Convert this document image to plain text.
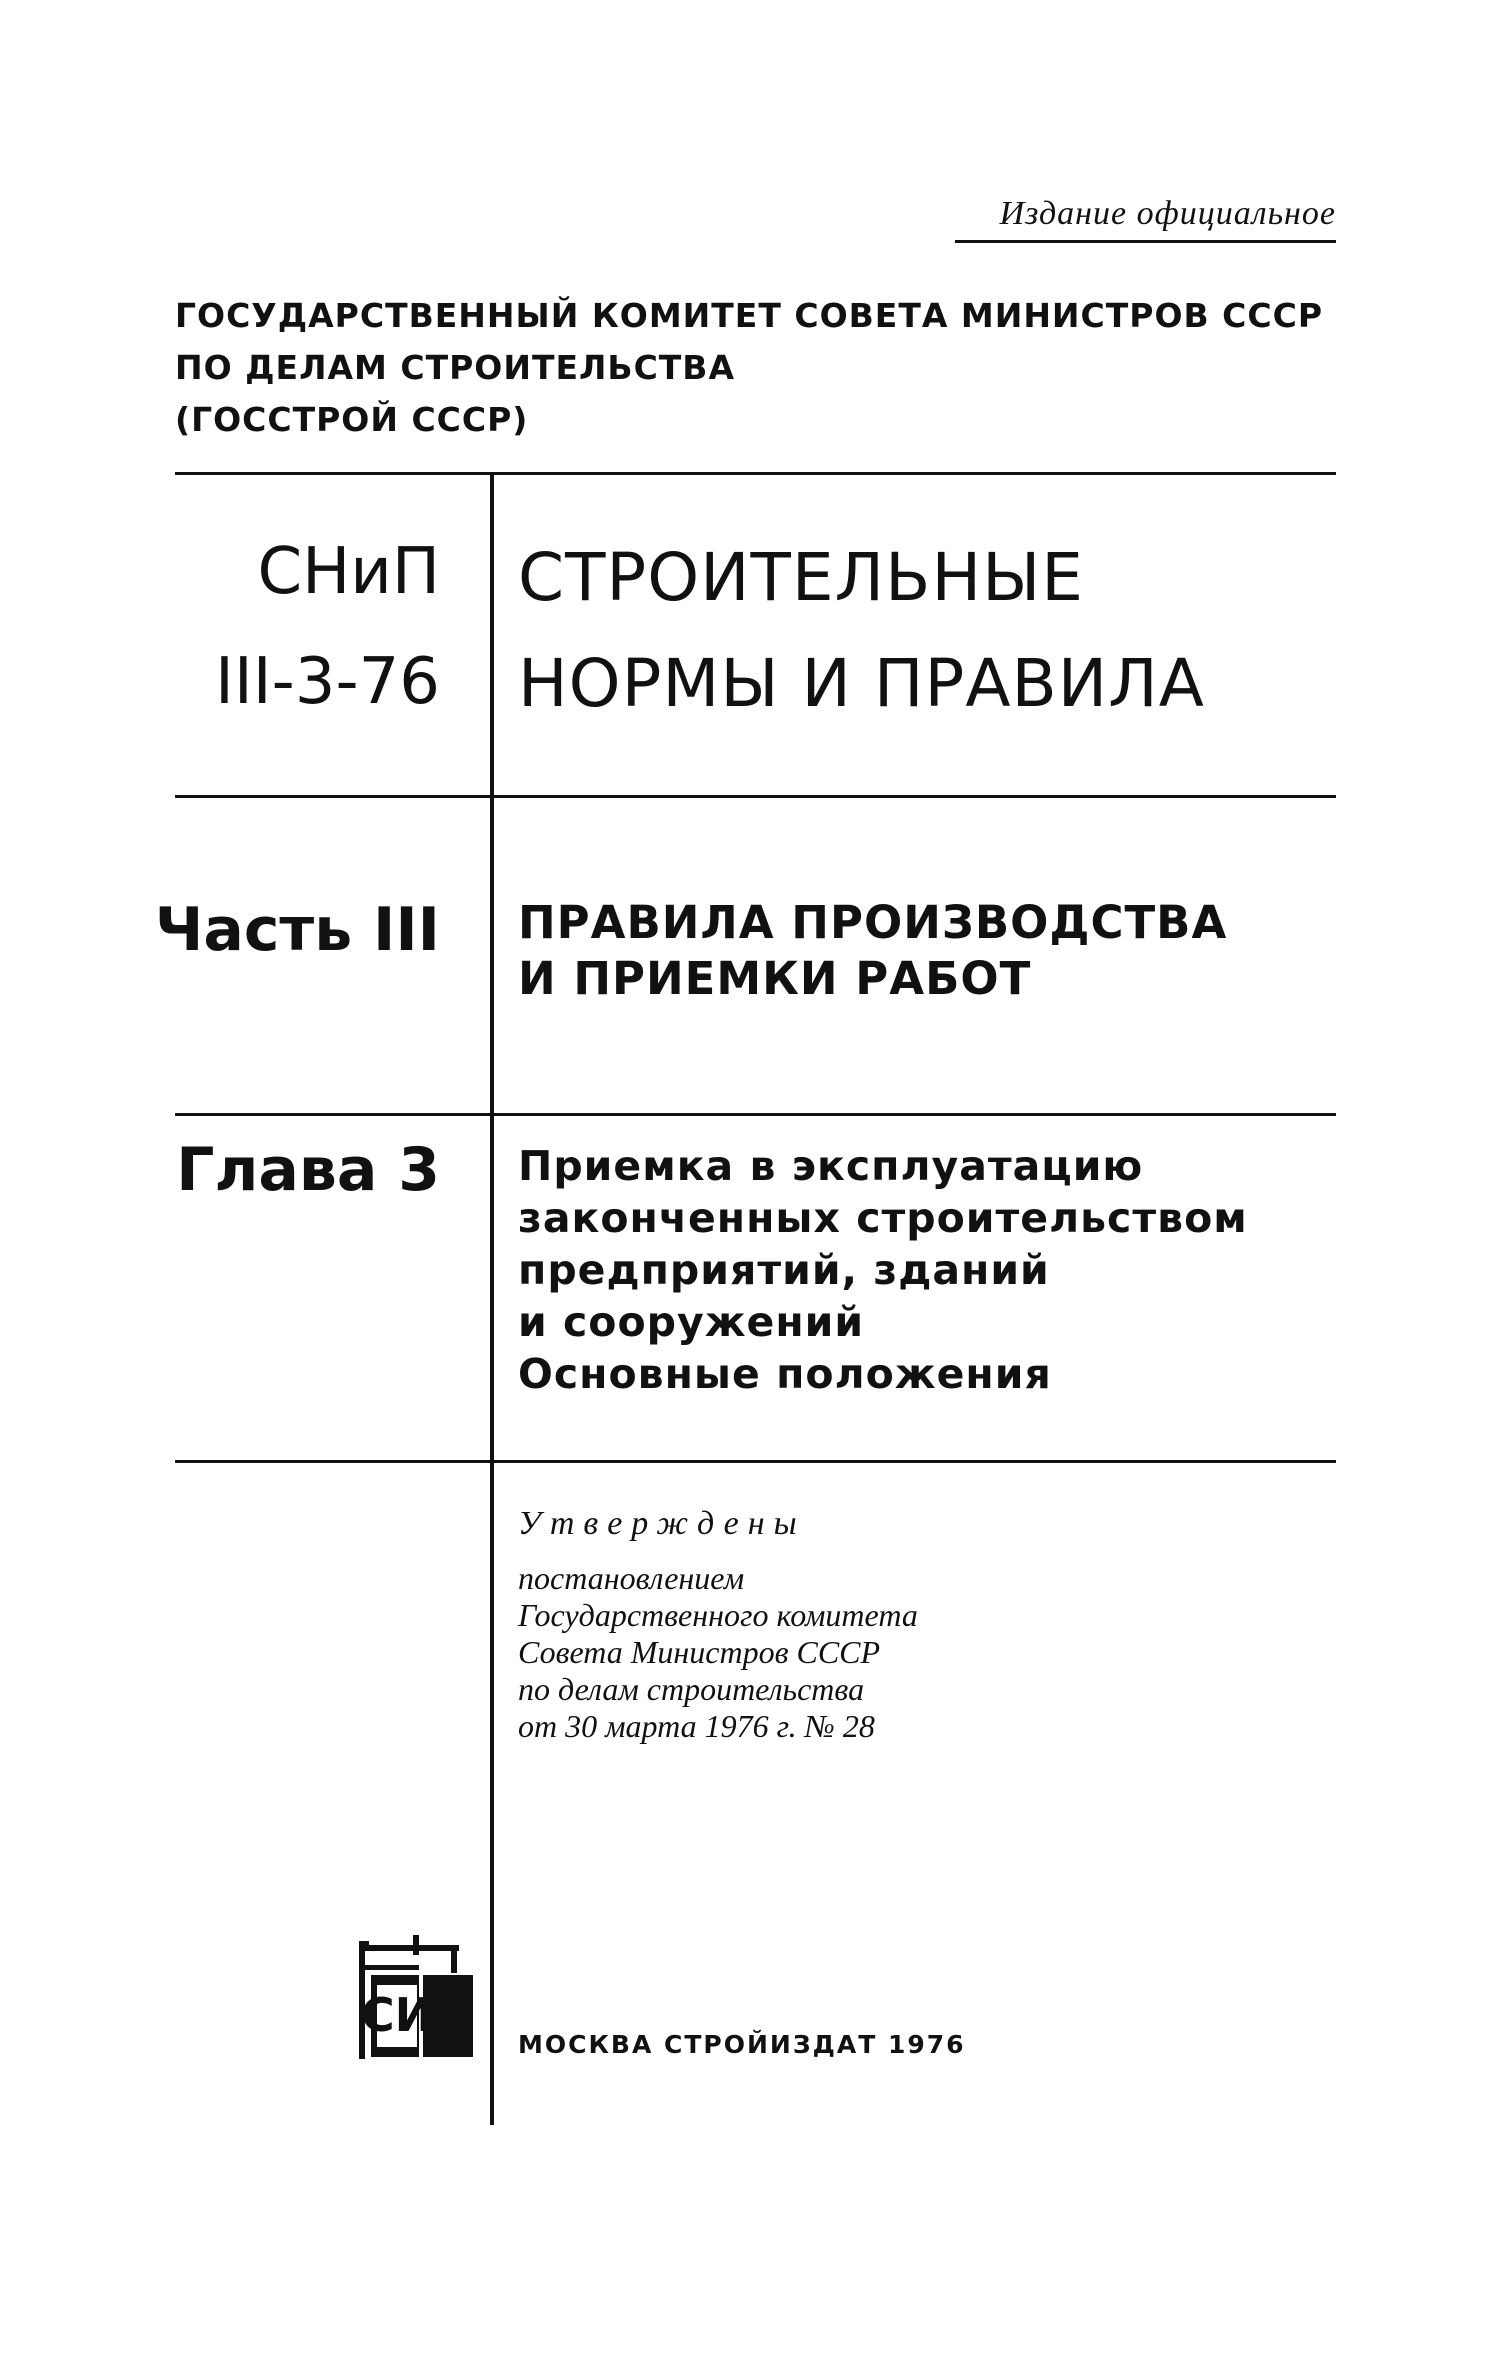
Издание официальное
ГОСУДАРСТВЕННЫЙ КОМИТЕТ СОВЕТА МИНИСТРОВ СССР
ПО ДЕЛАМ СТРОИТЕЛЬСТВА
(ГОССТРОЙ СССР)
СНиП
III-3-76
СТРОИТЕЛЬНЫЕ
НОРМЫ И ПРАВИЛА
Часть III ПРАВИЛА ПРОИЗВОДСТВА
И ПРИЕМКИ РАБОТ
Глава 3 Приемка в эксплуатацию
законченных строительством
предприятий, зданий
и сооружений
Основные положения
Утверждены
постановлением
Государственного комитета
Совета Министров СССР
по делам строительства
от 30 марта 1976 г. № 28
СИ
МОСКВА СТРОЙИЗДАТ 1976
